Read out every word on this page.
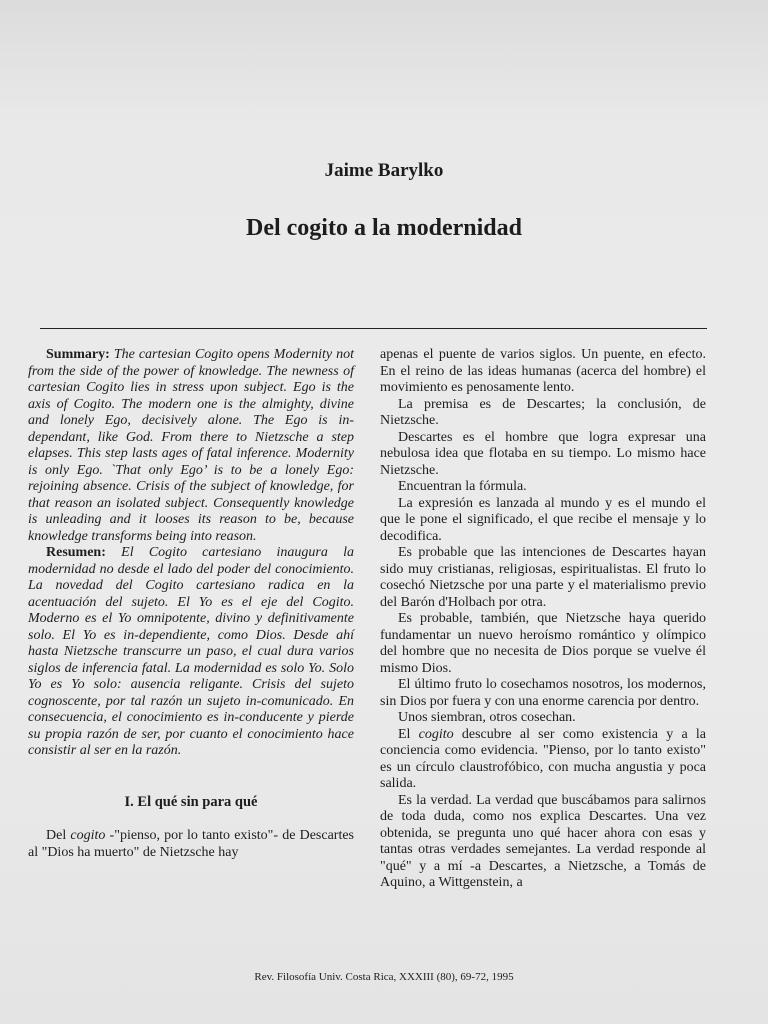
Jaime Barylko
Del cogito a la modernidad

Summary: The cartesian Cogito opens Modernity not from the side of the power of knowledge. The newness of cartesian Cogito lies in stress upon subject. Ego is the axis of Cogito. The modern one is the almighty, divine and lonely Ego, decisively alone. The Ego is in-dependant, like God. From there to Nietzsche a step elapses. This step lasts ages of fatal inference. Modernity is only Ego. `That only Ego’ is to be a lonely Ego: rejoining absence. Crisis of the subject of knowledge, for that reason an isolated subject. Consequently knowledge is unleading and it looses its reason to be, because knowledge transforms being into reason.

Resumen: El Cogito cartesiano inaugura la modernidad no desde el lado del poder del conocimiento. La novedad del Cogito cartesiano radica en la acentuación del sujeto. El Yo es el eje del Cogito. Moderno es el Yo omnipotente, divino y definitivamente solo. El Yo es in-dependiente, como Dios. Desde ahí hasta Nietzsche transcurre un paso, el cual dura varios siglos de inferencia fatal. La modernidad es solo Yo. Solo Yo es Yo solo: ausencia religante. Crisis del sujeto cognoscente, por tal razón un sujeto in-comunicado. En consecuencia, el conocimiento es in-conducente y pierde su propia razón de ser, por cuanto el conocimiento hace consistir al ser en la razón.

I. El qué sin para qué

Del cogito -"pienso, por lo tanto existo"- de Descartes al "Dios ha muerto" de Nietzsche hay

apenas el puente de varios siglos. Un puente, en efecto. En el reino de las ideas humanas (acerca del hombre) el movimiento es penosamente lento.

La premisa es de Descartes; la conclusión, de Nietzsche.

Descartes es el hombre que logra expresar una nebulosa idea que flotaba en su tiempo. Lo mismo hace Nietzsche.

Encuentran la fórmula.

La expresión es lanzada al mundo y es el mundo el que le pone el significado, el que recibe el mensaje y lo decodifica.

Es probable que las intenciones de Descartes hayan sido muy cristianas, religiosas, espiritualistas. El fruto lo cosechó Nietzsche por una parte y el materialismo previo del Barón d'Holbach por otra.

Es probable, también, que Nietzsche haya querido fundamentar un nuevo heroísmo romántico y olímpico del hombre que no necesita de Dios porque se vuelve él mismo Dios.

El último fruto lo cosechamos nosotros, los modernos, sin Dios por fuera y con una enorme carencia por dentro.

Unos siembran, otros cosechan.

El cogito descubre al ser como existencia y a la conciencia como evidencia. "Pienso, por lo tanto existo" es un círculo claustrofóbico, con mucha angustia y poca salida.

Es la verdad. La verdad que buscábamos para salirnos de toda duda, como nos explica Descartes. Una vez obtenida, se pregunta uno qué hacer ahora con esas y tantas otras verdades semejantes. La verdad responde al "qué" y a mí -a Descartes, a Nietzsche, a Tomás de Aquino, a Wittgenstein, a

Rev. Filosofía Univ. Costa Rica, XXXIII (80), 69-72, 1995
